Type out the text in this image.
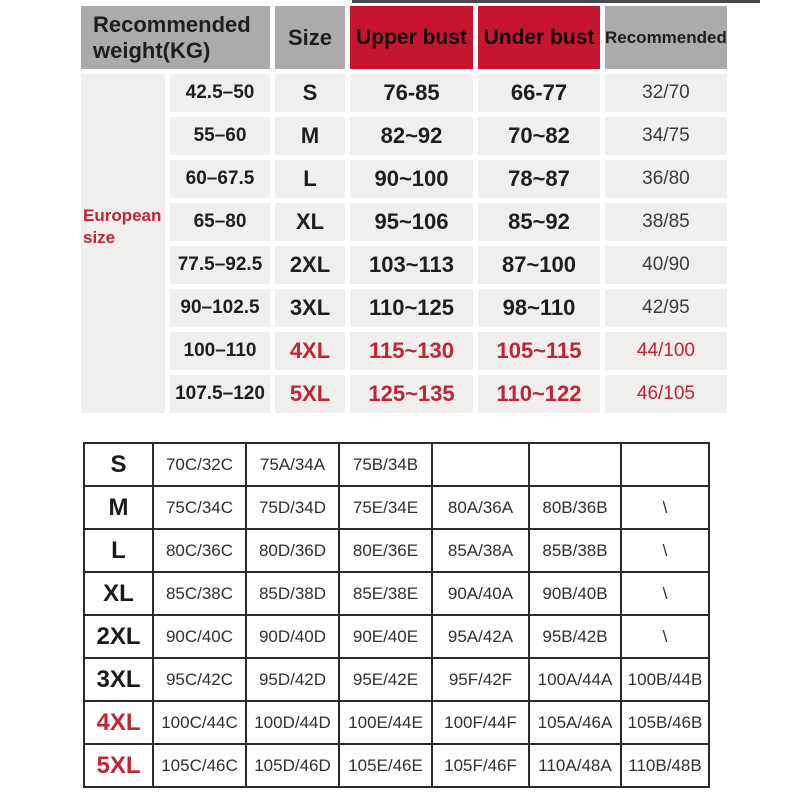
Recommended weight(KG)		Size	Upper bust	Under bust	Recommended

European size	42.5–50	S	76-85	66-77	32/70
	55–60	M	82~92	70~82	34/75
	60–67.5	L	90~100	78~87	36/80
	65–80	XL	95~106	85~92	38/85
	77.5–92.5	2XL	103~113	87~100	40/90
	90–102.5	3XL	110~125	98~110	42/95
	100–110	4XL	115~130	105~115	44/100
	107.5–120	5XL	125~135	110~122	46/105
S	70C/32C	75A/34A	75B/34B			
M	75C/34C	75D/34D	75E/34E	80A/36A	80B/36B	\
L	80C/36C	80D/36D	80E/36E	85A/38A	85B/38B	\
XL	85C/38C	85D/38D	85E/38E	90A/40A	90B/40B	\
2XL	90C/40C	90D/40D	90E/40E	95A/42A	95B/42B	\
3XL	95C/42C	95D/42D	95E/42E	95F/42F	100A/44A	100B/44B
4XL	100C/44C	100D/44D	100E/44E	100F/44F	105A/46A	105B/46B
5XL	105C/46C	105D/46D	105E/46E	105F/46F	110A/48A	110B/48B
